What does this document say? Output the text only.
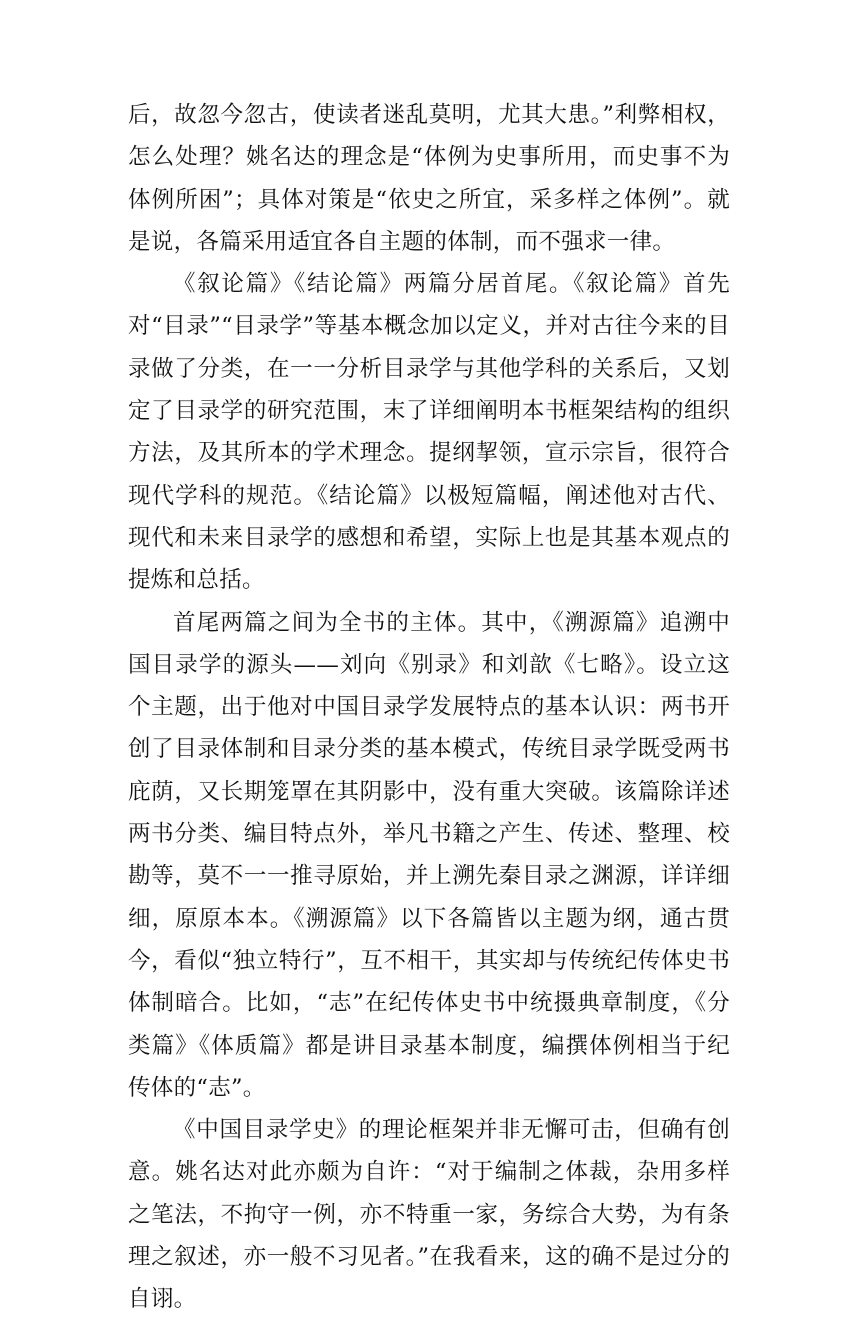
后，故忽今忽古，使读者迷乱莫明，尤其大患。”利弊相权，怎么处理？姚名达的理念是“体例为史事所用，而史事不为体例所困”；具体对策是“依史之所宜，采多样之体例”。就是说，各篇采用适宜各自主题的体制，而不强求一律。

《叙论篇》《结论篇》两篇分居首尾。《叙论篇》首先对“目录”“目录学”等基本概念加以定义，并对古往今来的目录做了分类，在一一分析目录学与其他学科的关系后，又划定了目录学的研究范围，末了详细阐明本书框架结构的组织方法，及其所本的学术理念。提纲挈领，宣示宗旨，很符合现代学科的规范。《结论篇》以极短篇幅，阐述他对古代、现代和未来目录学的感想和希望，实际上也是其基本观点的提炼和总括。

首尾两篇之间为全书的主体。其中，《溯源篇》追溯中国目录学的源头——刘向《别录》和刘歆《七略》。设立这个主题，出于他对中国目录学发展特点的基本认识：两书开创了目录体制和目录分类的基本模式，传统目录学既受两书庇荫，又长期笼罩在其阴影中，没有重大突破。该篇除详述两书分类、编目特点外，举凡书籍之产生、传述、整理、校勘等，莫不一一推寻原始，并上溯先秦目录之渊源，详详细细，原原本本。《溯源篇》以下各篇皆以主题为纲，通古贯今，看似“独立特行”，互不相干，其实却与传统纪传体史书体制暗合。比如，“志”在纪传体史书中统摄典章制度，《分类篇》《体质篇》都是讲目录基本制度，编撰体例相当于纪传体的“志”。

《中国目录学史》的理论框架并非无懈可击，但确有创意。姚名达对此亦颇为自许：“对于编制之体裁，杂用多样之笔法，不拘守一例，亦不特重一家，务综合大势，为有条理之叙述，亦一般不习见者。”在我看来，这的确不是过分的自诩。
